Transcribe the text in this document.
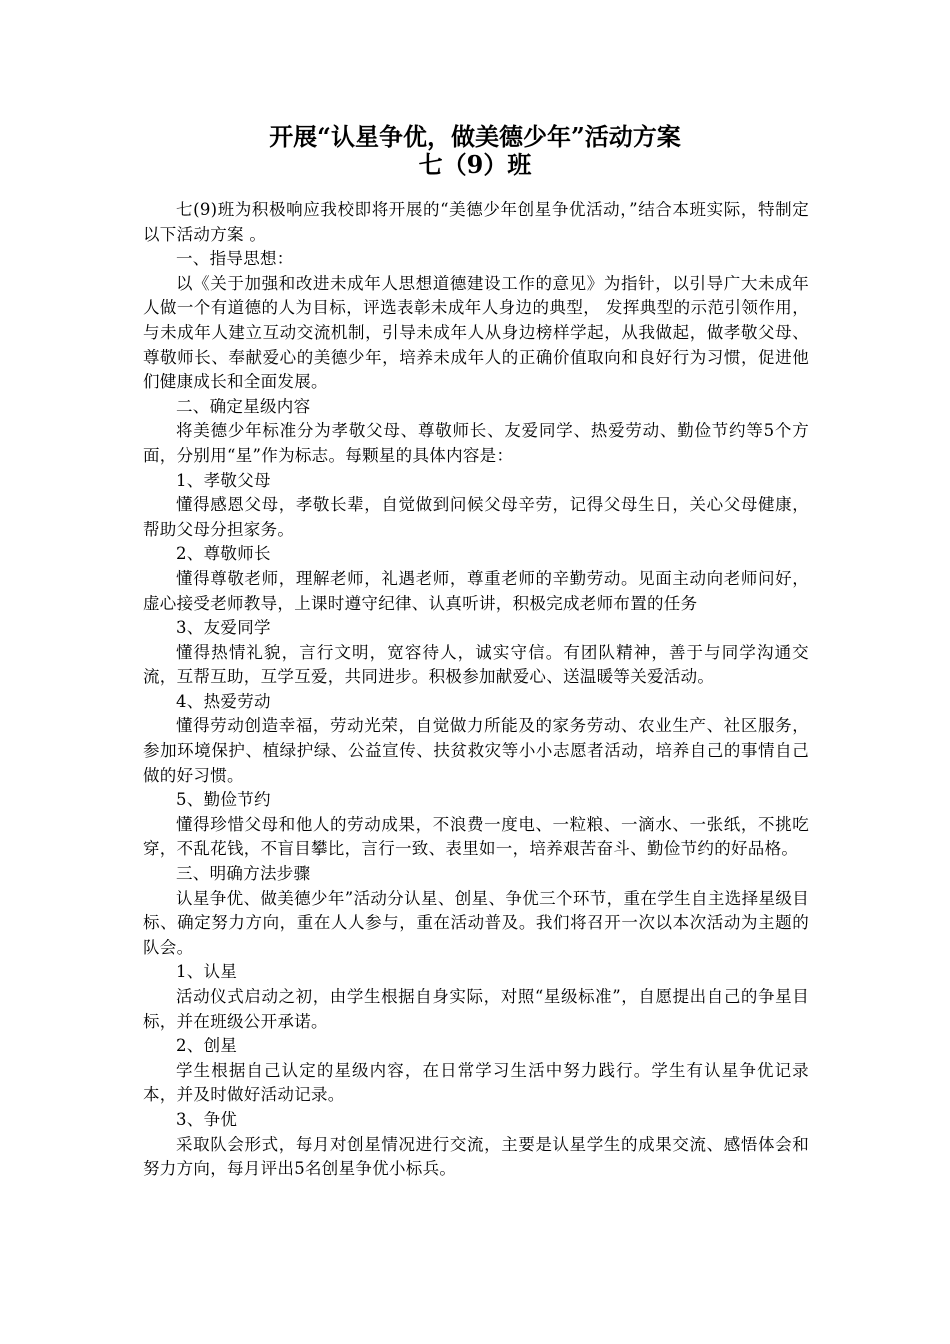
开展“认星争优，做美德少年”活动方案
七（9）班

七(9)班为积极响应我校即将开展的“美德少年创星争优活动，”结合本班实际，特制定以下活动方案 。

一、指导思想：

以《关于加强和改进未成年人思想道德建设工作的意见》为指针，以引导广大未成年人做一个有道德的人为目标，评选表彰未成年人身边的典型， 发挥典型的示范引领作用，与未成年人建立互动交流机制，引导未成年人从身边榜样学起，从我做起，做孝敬父母、尊敬师长、奉献爱心的美德少年，培养未成年人的正确价值取向和良好行为习惯，促进他们健康成长和全面发展。

二、确定星级内容

将美德少年标准分为孝敬父母、尊敬师长、友爱同学、热爱劳动、勤俭节约等5个方面，分别用“星”作为标志。每颗星的具体内容是：

1、孝敬父母

懂得感恩父母，孝敬长辈，自觉做到问候父母辛劳，记得父母生日，关心父母健康，帮助父母分担家务。

2、尊敬师长

懂得尊敬老师，理解老师，礼遇老师，尊重老师的辛勤劳动。见面主动向老师问好，虚心接受老师教导，上课时遵守纪律、认真听讲，积极完成老师布置的任务

3、友爱同学

懂得热情礼貌，言行文明，宽容待人，诚实守信。有团队精神，善于与同学沟通交流，互帮互助，互学互爱，共同进步。积极参加献爱心、送温暖等关爱活动。

4、热爱劳动

懂得劳动创造幸福，劳动光荣，自觉做力所能及的家务劳动、农业生产、社区服务，参加环境保护、植绿护绿、公益宣传、扶贫救灾等小小志愿者活动，培养自己的事情自己做的好习惯。

5、勤俭节约

懂得珍惜父母和他人的劳动成果，不浪费一度电、一粒粮、一滴水、一张纸，不挑吃穿，不乱花钱，不盲目攀比，言行一致、表里如一，培养艰苦奋斗、勤俭节约的好品格。

三、明确方法步骤

认星争优、做美德少年”活动分认星、创星、争优三个环节，重在学生自主选择星级目标、确定努力方向，重在人人参与，重在活动普及。我们将召开一次以本次活动为主题的队会。

1、认星

活动仪式启动之初，由学生根据自身实际，对照“星级标准”，自愿提出自己的争星目标，并在班级公开承诺。

2、创星

学生根据自己认定的星级内容，在日常学习生活中努力践行。学生有认星争优记录本，并及时做好活动记录。

3、争优

采取队会形式，每月对创星情况进行交流，主要是认星学生的成果交流、感悟体会和努力方向，每月评出5名创星争优小标兵。
